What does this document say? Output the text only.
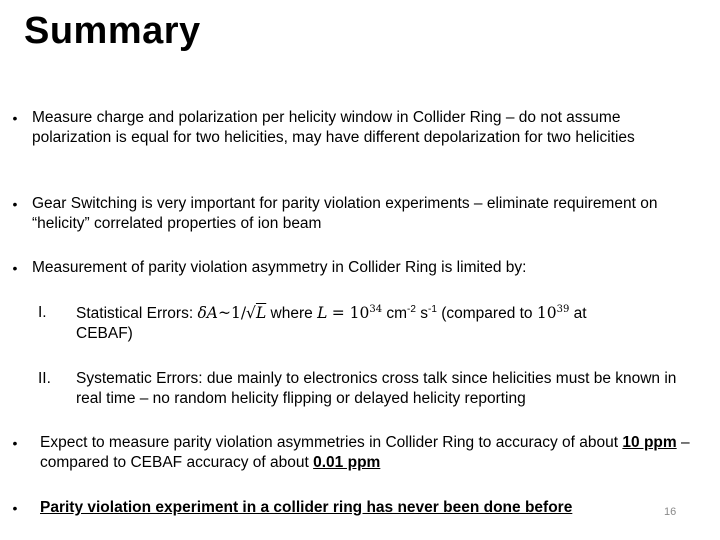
Summary
• Measure charge and polarization per helicity window in Collider Ring – do not assume polarization is equal for two helicities, may have different depolarization for two helicities
• Gear Switching is very important for parity violation experiments – eliminate requirement on “helicity” correlated properties of ion beam
• Measurement of parity violation asymmetry in Collider Ring is limited by:
I.	Statistical Errors: δA~1/√L where $L = 10^{34}$ $cm^{-2}$ $s^{-1}$ (compared to $10^{39}$ at
CEBAF)
II.	Systematic Errors: due mainly to electronics cross talk since helicities must be known in real time – no random helicity flipping or delayed helicity reporting
• Expect to measure parity violation asymmetries in Collider Ring to accuracy of about 10 ppm – compared to CEBAF accuracy of about 0.01 ppm
• Parity violation experiment in a collider ring has never been done before	16
